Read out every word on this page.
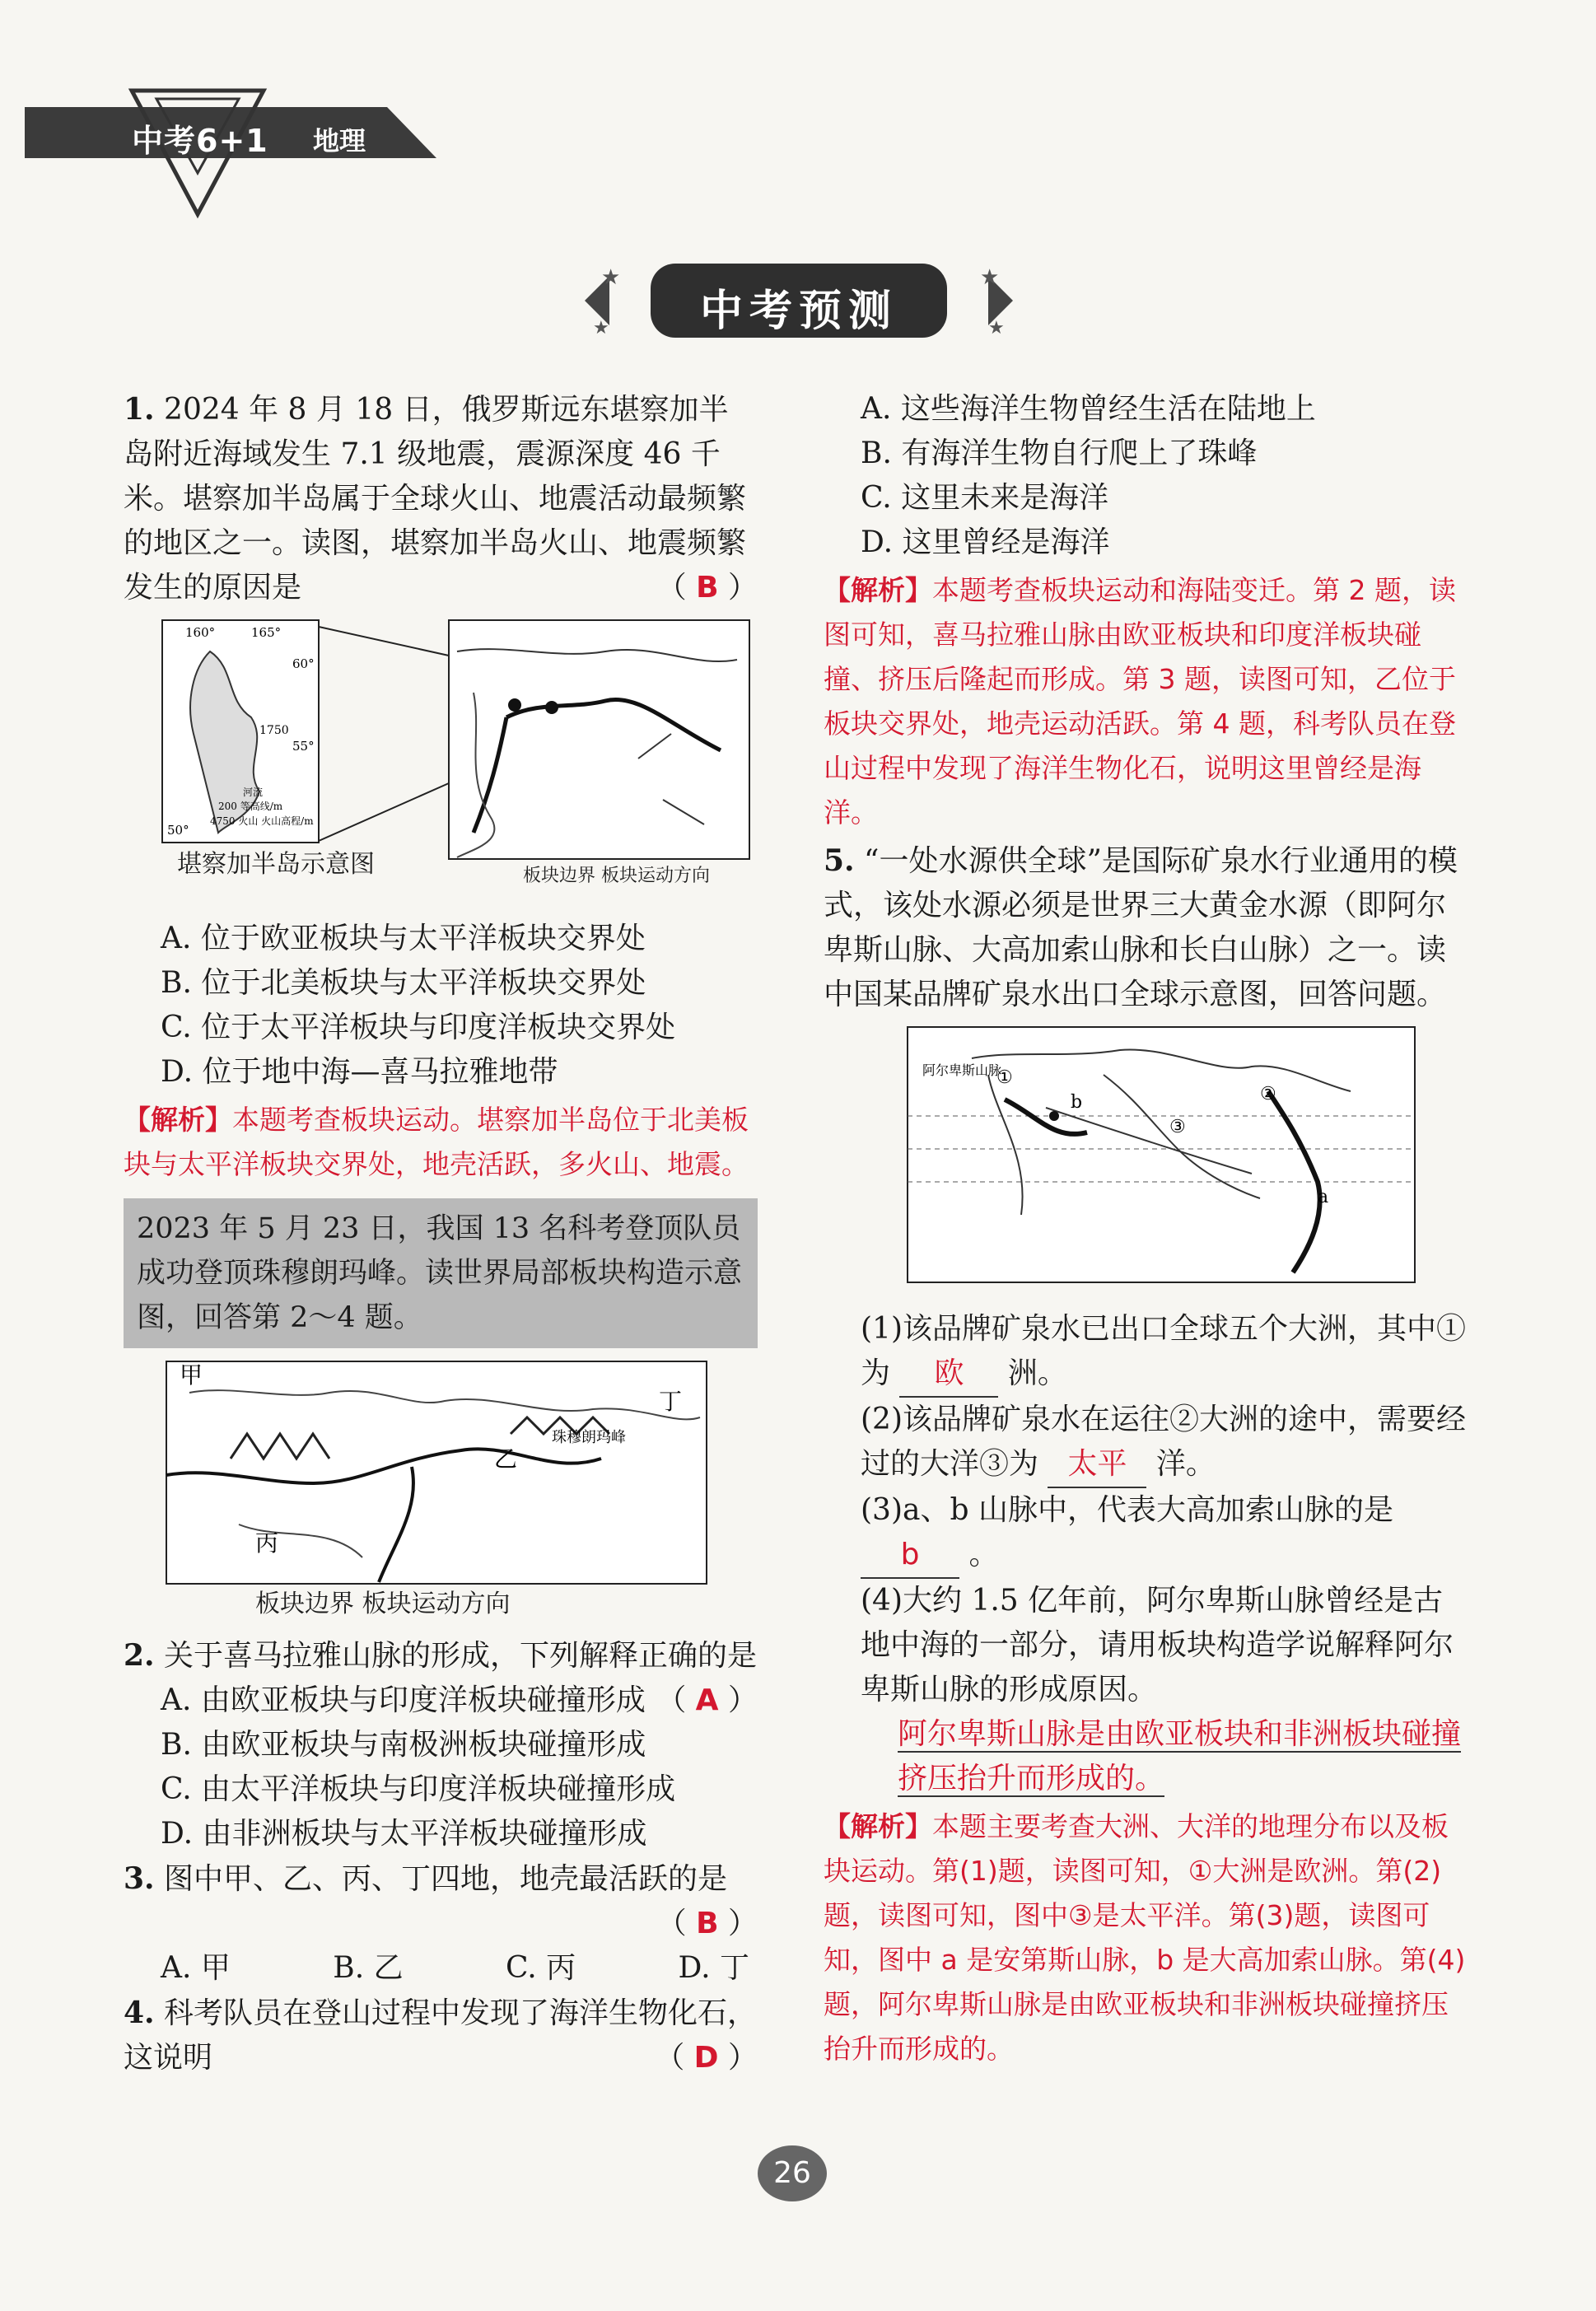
中考6+1 地理
★	★
★	★
中考预测

1. 2024 年 8 月 18 日，俄罗斯远东堪察加半岛附近海域发生 7.1 级地震，震源深度 46 千米。堪察加半岛属于全球火山、地震活动最频繁的地区之一。读图，堪察加半岛火山、地震频繁发生的原因是	（ B ）

160°	165°
60°
55°
50°
1750
河流
200 等高线/m
4750 火山 火山高程/m
堪察加半岛示意图	板块边界 板块运动方向

A. 位于欧亚板块与太平洋板块交界处

B. 位于北美板块与太平洋板块交界处

C. 位于太平洋板块与印度洋板块交界处

D. 位于地中海—喜马拉雅地带

【解析】本题考查板块运动。堪察加半岛位于北美板块与太平洋板块交界处，地壳活跃，多火山、地震。

2023 年 5 月 23 日，我国 13 名科考登顶队员成功登顶珠穆朗玛峰。读世界局部板块构造示意图，回答第 2～4 题。
甲
乙
丙
丁
珠穆朗玛峰
板块边界 板块运动方向

2. 关于喜马拉雅山脉的形成，下列解释正确的是
（ A ）

A. 由欧亚板块与印度洋板块碰撞形成

B. 由欧亚板块与南极洲板块碰撞形成

C. 由太平洋板块与印度洋板块碰撞形成

D. 由非洲板块与太平洋板块碰撞形成

3. 图中甲、乙、丙、丁四地，地壳最活跃的是

（ B ）

A. 甲	B. 乙	C. 丙	D. 丁

4. 科考队员在登山过程中发现了海洋生物化石，这说明	（ D ）

A. 这些海洋生物曾经生活在陆地上

B. 有海洋生物自行爬上了珠峰

C. 这里未来是海洋

D. 这里曾经是海洋

【解析】本题考查板块运动和海陆变迁。第 2 题，读图可知，喜马拉雅山脉由欧亚板块和印度洋板块碰撞、挤压后隆起而形成。第 3 题，读图可知，乙位于板块交界处，地壳运动活跃。第 4 题，科考队员在登山过程中发现了海洋生物化石，说明这里曾经是海洋。

5. “一处水源供全球”是国际矿泉水行业通用的模式，该处水源必须是世界三大黄金水源（即阿尔卑斯山脉、大高加索山脉和长白山脉）之一。读中国某品牌矿泉水出口全球示意图，回答问题。

阿尔卑斯山脉
①
②
③
a
b

(1)该品牌矿泉水已出口全球五个大洲，其中①为 欧 洲。

(2)该品牌矿泉水在运往②大洲的途中，需要经过的大洋③为 太平 洋。

(3)a、b 山脉中，代表大高加索山脉的是 b 。

(4)大约 1.5 亿年前，阿尔卑斯山脉曾经是古地中海的一部分，请用板块构造学说解释阿尔卑斯山脉的形成原因。

阿尔卑斯山脉是由欧亚板块和非洲板块碰撞挤压抬升而形成的。

【解析】本题主要考查大洲、大洋的地理分布以及板块运动。第(1)题，读图可知，①大洲是欧洲。第(2)题，读图可知，图中③是太平洋。第(3)题，读图可知，图中 a 是安第斯山脉，b 是大高加索山脉。第(4)题，阿尔卑斯山脉是由欧亚板块和非洲板块碰撞挤压抬升而形成的。

26
